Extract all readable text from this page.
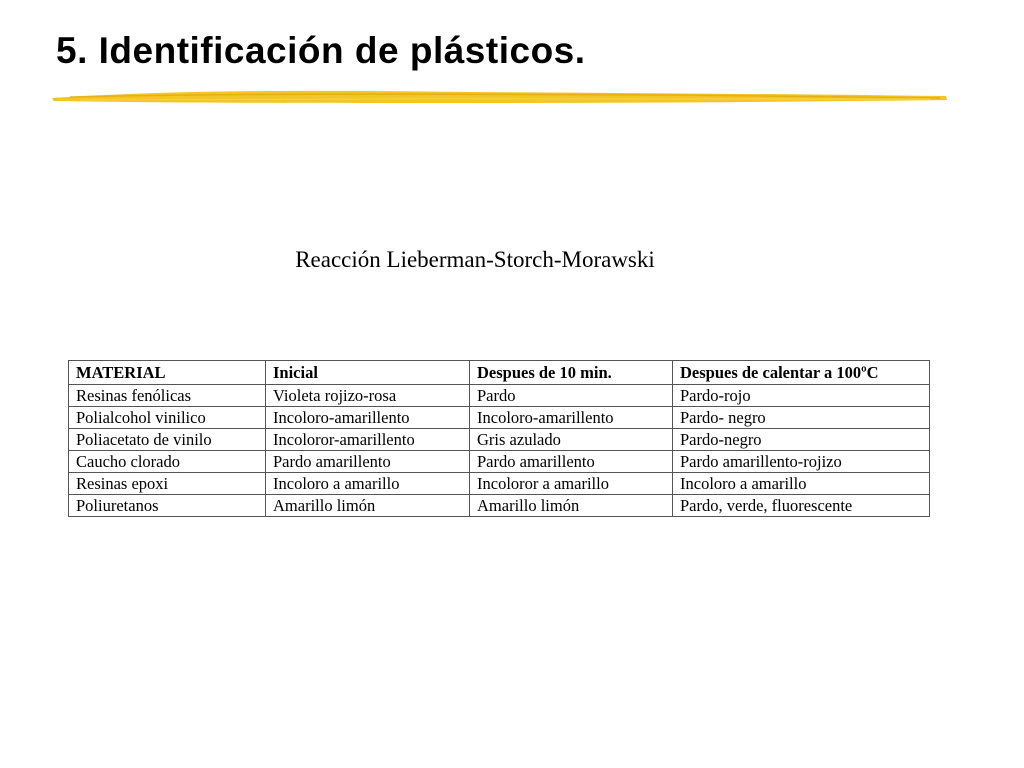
5. Identificación de plásticos.
Reacción Lieberman-Storch-Morawski
MATERIAL	Inicial	Despues de 10 min.	Despues de calentar a 100ºC
Resinas fenólicas	Violeta rojizo-rosa	Pardo	Pardo-rojo
Polialcohol vinilico	Incoloro-amarillento	Incoloro-amarillento	Pardo- negro
Poliacetato de vinilo	Incoloror-amarillento	Gris azulado	Pardo-negro
Caucho clorado	Pardo amarillento	Pardo amarillento	Pardo amarillento-rojizo
Resinas epoxi	Incoloro a amarillo	Incoloror a amarillo	Incoloro a amarillo
Poliuretanos	Amarillo limón	Amarillo limón	Pardo, verde, fluorescente
